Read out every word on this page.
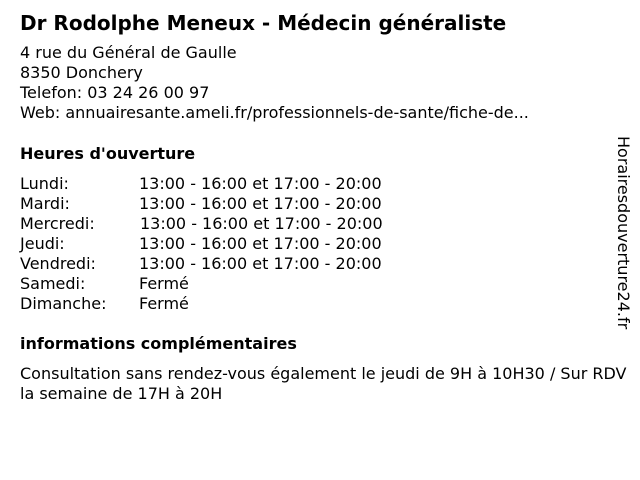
Dr Rodolphe Meneux - Médecin généraliste
4 rue du Général de Gaulle
8350 Donchery
Telefon: 03 24 26 00 97
Web: annuairesante.ameli.fr/professionnels-de-sante/fiche-de...
Heures d'ouverture
Lundi:	13:00 - 16:00 et 17:00 - 20:00
Mardi:	13:00 - 16:00 et 17:00 - 20:00
Mercredi:	13:00 - 16:00 et 17:00 - 20:00
Jeudi:	13:00 - 16:00 et 17:00 - 20:00
Vendredi:	13:00 - 16:00 et 17:00 - 20:00
Samedi:	Fermé
Dimanche: Fermé
informations complémentaires
Consultation sans rendez-vous également le jeudi de 9H à 10H30 / Sur RDV la semaine de 17H à 20H
Horairesdouverture24.fr
